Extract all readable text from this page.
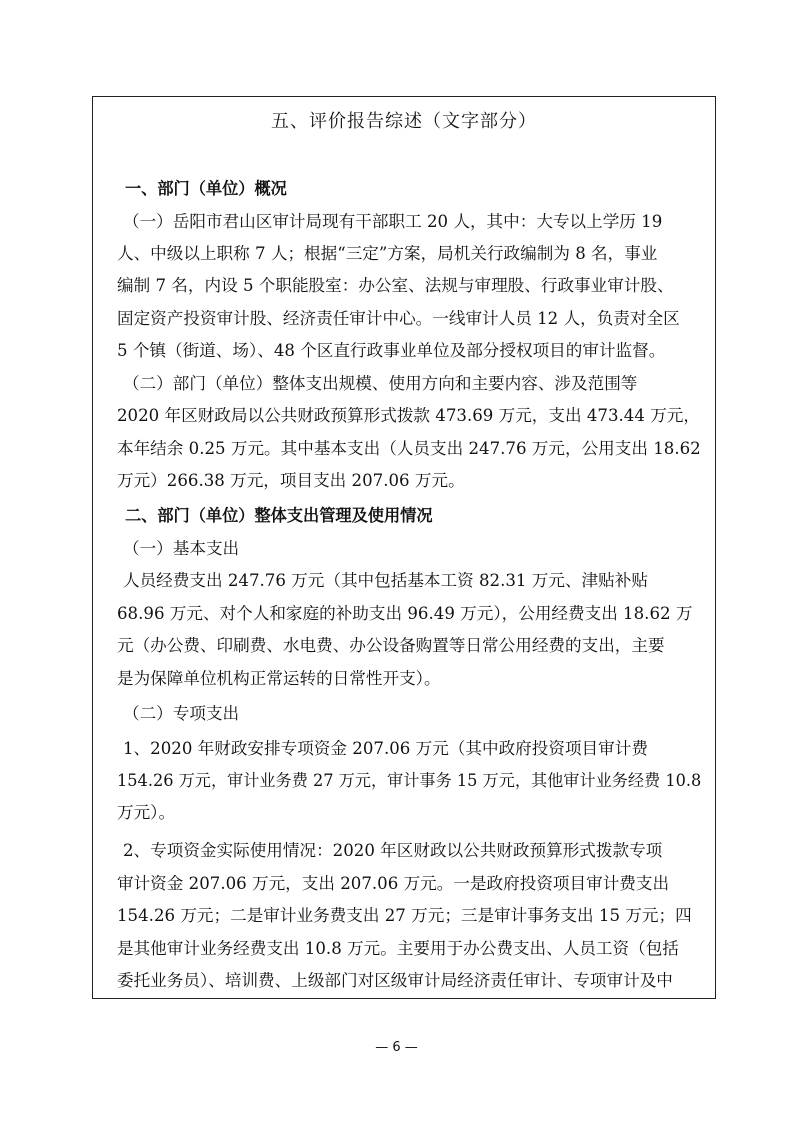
五、评价报告综述（文字部分）
一、部门（单位）概况
（一）岳阳市君山区审计局现有干部职工 20 人，其中：大专以上学历 19
人、中级以上职称 7 人；根据“三定”方案，局机关行政编制为 8 名，事业
编制 7 名，内设 5 个职能股室：办公室、法规与审理股、行政事业审计股、
固定资产投资审计股、经济责任审计中心。一线审计人员 12 人，负责对全区
5 个镇（街道、场）、48 个区直行政事业单位及部分授权项目的审计监督。
（二）部门（单位）整体支出规模、使用方向和主要内容、涉及范围等
2020 年区财政局以公共财政预算形式拨款 473.69 万元，支出 473.44 万元，
本年结余 0.25 万元。其中基本支出（人员支出 247.76 万元，公用支出 18.62
万元）266.38 万元，项目支出 207.06 万元。
二、部门（单位）整体支出管理及使用情况
（一）基本支出
人员经费支出 247.76 万元（其中包括基本工资 82.31 万元、津贴补贴
68.96 万元、对个人和家庭的补助支出 96.49 万元），公用经费支出 18.62 万
元（办公费、印刷费、水电费、办公设备购置等日常公用经费的支出，主要
是为保障单位机构正常运转的日常性开支）。
（二）专项支出
1、2020 年财政安排专项资金 207.06 万元（其中政府投资项目审计费
154.26 万元，审计业务费 27 万元，审计事务 15 万元，其他审计业务经费 10.8
万元）。
2、专项资金实际使用情况：2020 年区财政以公共财政预算形式拨款专项
审计资金 207.06 万元，支出 207.06 万元。一是政府投资项目审计费支出
154.26 万元；二是审计业务费支出 27 万元；三是审计事务支出 15 万元；四
是其他审计业务经费支出 10.8 万元。主要用于办公费支出、人员工资（包括
委托业务员）、培训费、上级部门对区级审计局经济责任审计、专项审计及中
— 6 —
